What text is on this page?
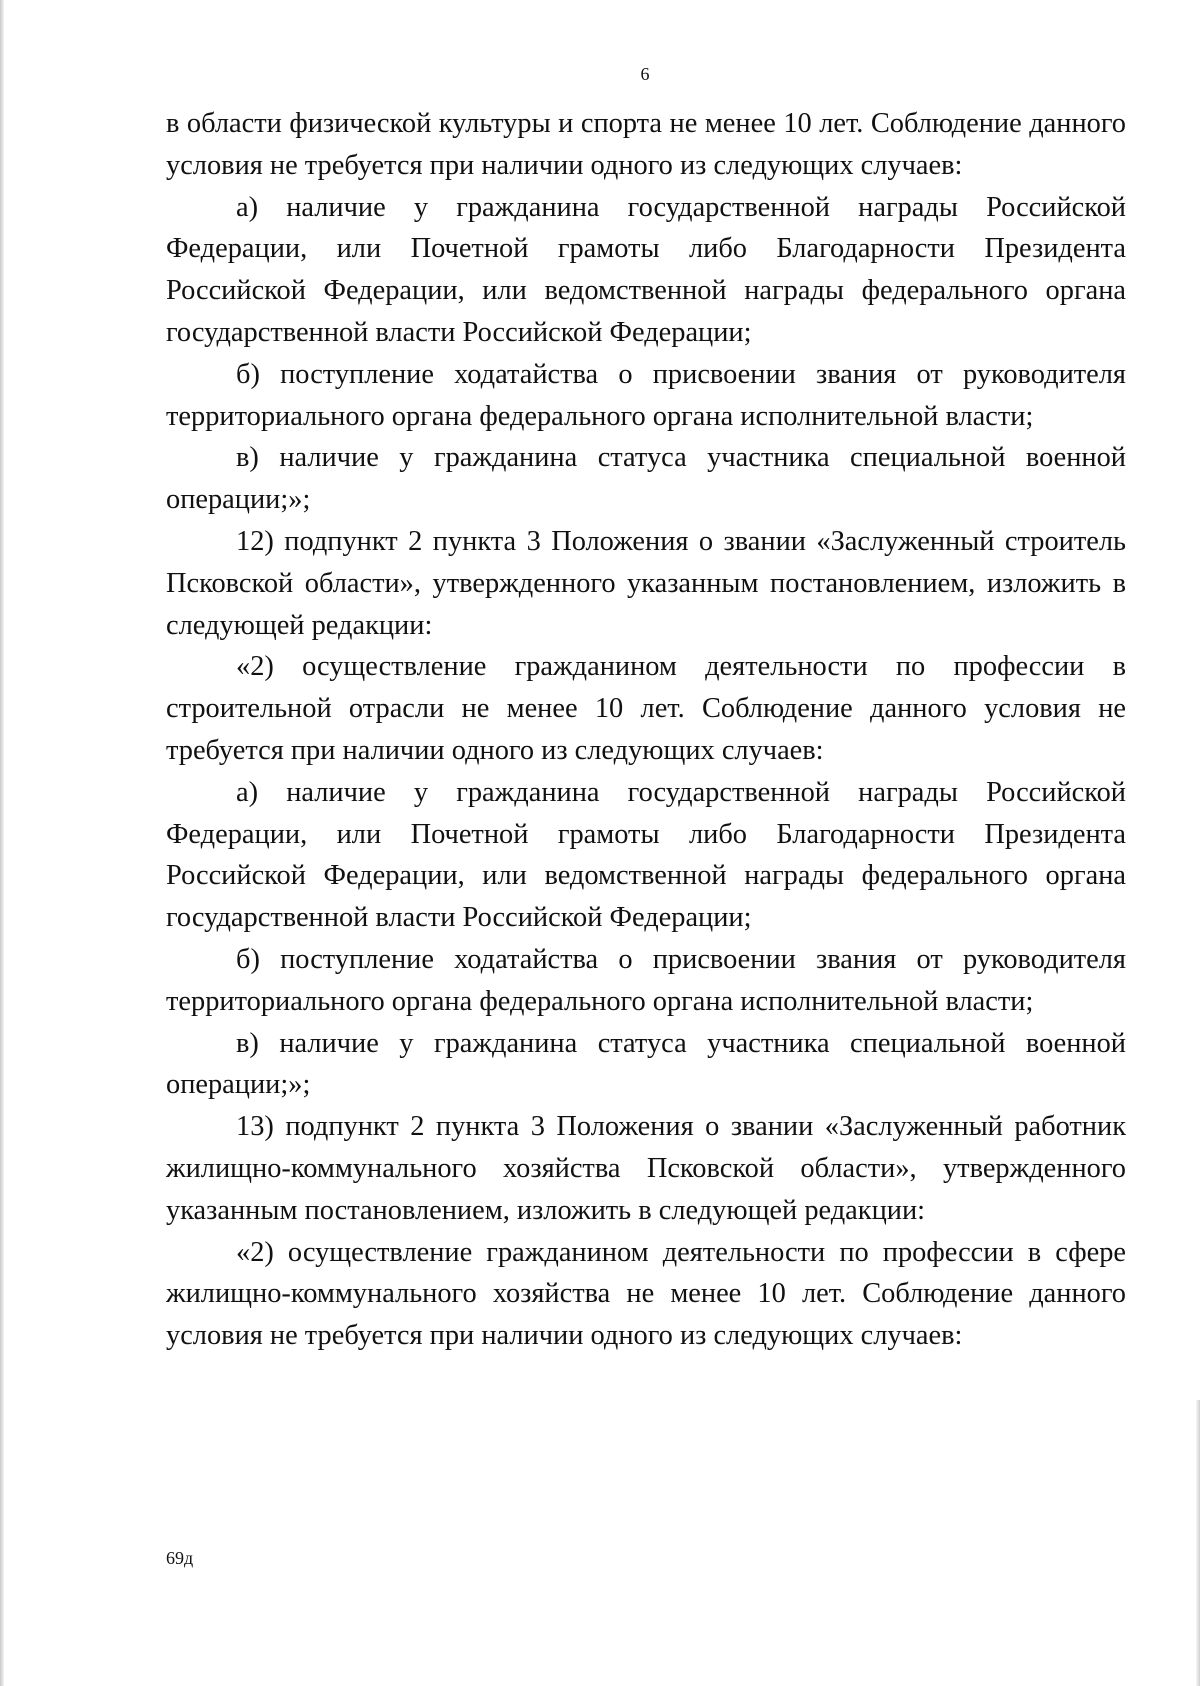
6

в области физической культуры и спорта не менее 10 лет. Соблюдение данного условия не требуется при наличии одного из следующих случаев:

а) наличие у гражданина государственной награды Российской Федерации, или Почетной грамоты либо Благодарности Президента Российской Федерации, или ведомственной награды федерального органа государственной власти Российской Федерации;

б) поступление ходатайства о присвоении звания от руководителя территориального органа федерального органа исполнительной власти;

в) наличие у гражданина статуса участника специальной военной операции;»;

12) подпункт 2 пункта 3 Положения о звании «Заслуженный строитель Псковской области», утвержденного указанным постановлением, изложить в следующей редакции:

«2) осуществление гражданином деятельности по профессии в строительной отрасли не менее 10 лет. Соблюдение данного условия не требуется при наличии одного из следующих случаев:

а) наличие у гражданина государственной награды Российской Федерации, или Почетной грамоты либо Благодарности Президента Российской Федерации, или ведомственной награды федерального органа государственной власти Российской Федерации;

б) поступление ходатайства о присвоении звания от руководителя территориального органа федерального органа исполнительной власти;

в) наличие у гражданина статуса участника специальной военной операции;»;

13) подпункт 2 пункта 3 Положения о звании «Заслуженный работник жилищно-коммунального хозяйства Псковской области», утвержденного указанным постановлением, изложить в следующей редакции:

«2) осуществление гражданином деятельности по профессии в сфере жилищно-коммунального хозяйства не менее 10 лет. Соблюдение данного условия не требуется при наличии одного из следующих случаев:

69д
